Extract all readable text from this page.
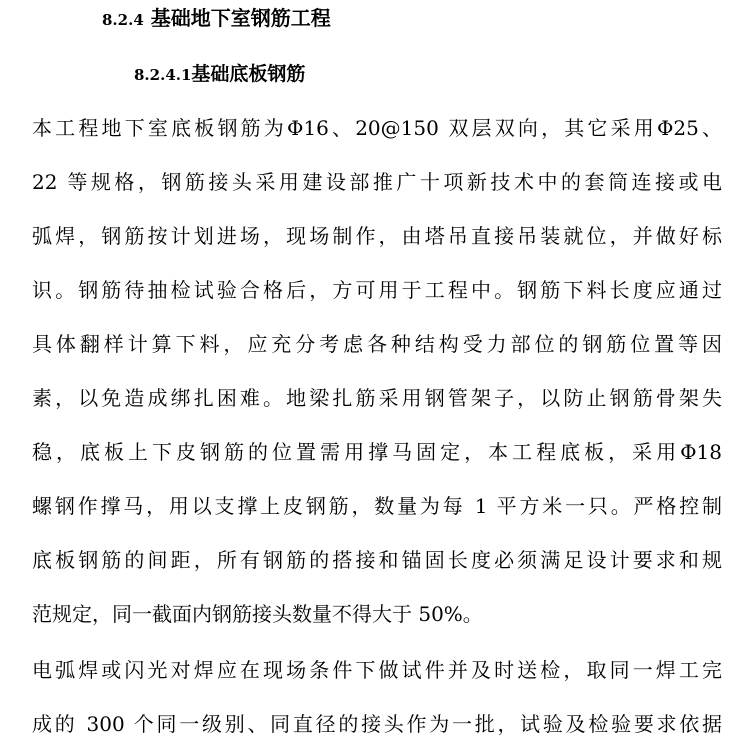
8.2.4 基础地下室钢筋工程
8.2.4.1基础底板钢筋
本工程地下室底板钢筋为Φ16、20@150 双层双向，其它采用Φ25、
22 等规格，钢筋接头采用建设部推广十项新技术中的套筒连接或电
弧焊，钢筋按计划进场，现场制作，由塔吊直接吊装就位，并做好标
识。钢筋待抽检试验合格后，方可用于工程中。钢筋下料长度应通过
具体翻样计算下料，应充分考虑各种结构受力部位的钢筋位置等因
素，以免造成绑扎困难。地梁扎筋采用钢管架子，以防止钢筋骨架失
稳，底板上下皮钢筋的位置需用撑马固定，本工程底板，采用Φ18
螺钢作撑马，用以支撑上皮钢筋，数量为每 1 平方米一只。严格控制
底板钢筋的间距，所有钢筋的搭接和锚固长度必须满足设计要求和规
范规定，同一截面内钢筋接头数量不得大于 50%。
电弧焊或闪光对焊应在现场条件下做试件并及时送检，取同一焊工完
成的 300 个同一级别、同直径的接头作为一批，试验及检验要求依据
